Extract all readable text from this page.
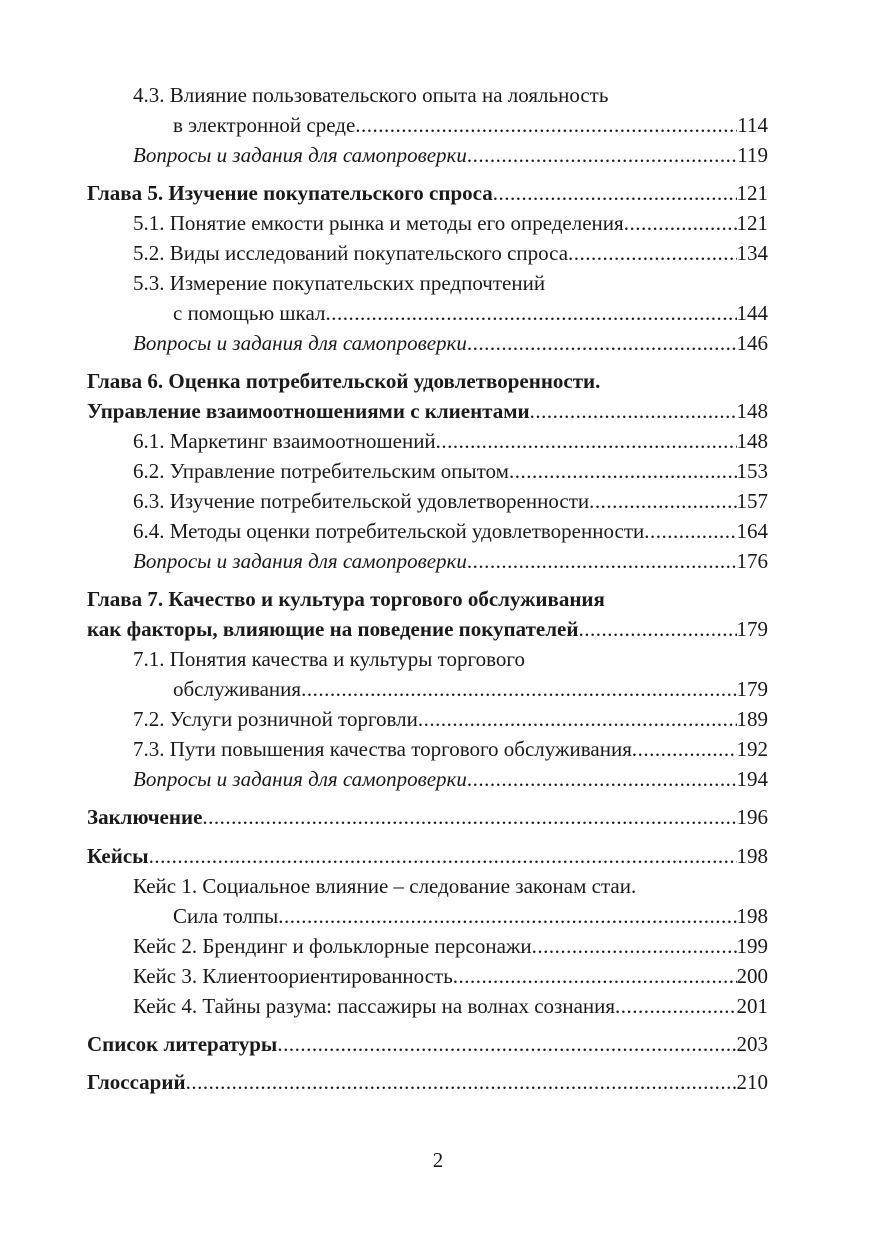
4.3. Влияние пользовательского опыта на лояльность
в электронной среде .....	114
Вопросы и задания для самопроверки .....	119
Глава 5. Изучение покупательского спроса .....	121
5.1. Понятие емкости рынка и методы его определения .....	121
5.2. Виды исследований покупательского спроса .....	134
5.3. Измерение покупательских предпочтений
с помощью шкал .....	144
Вопросы и задания для самопроверки .....	146
Глава 6. Оценка потребительской удовлетворенности.
Управление взаимоотношениями с клиентами .....	148
6.1. Маркетинг взаимоотношений .....	148
6.2. Управление потребительским опытом .....	153
6.3. Изучение потребительской удовлетворенности .....	157
6.4. Методы оценки потребительской удовлетворенности .....	164
Вопросы и задания для самопроверки .....	176
Глава 7. Качество и культура торгового обслуживания
как факторы, влияющие на поведение покупателей .....	179
7.1. Понятия качества и культуры торгового
обслуживания .....	179
7.2. Услуги розничной торговли .....	189
7.3. Пути повышения качества торгового обслуживания .....	192
Вопросы и задания для самопроверки .....	194
Заключение .....	196
Кейсы .....	198
Кейс 1. Социальное влияние – следование законам стаи.
Сила толпы .....	198
Кейс 2. Брендинг и фольклорные персонажи .....	199
Кейс 3. Клиентоориентированность .....	200
Кейс 4. Тайны разума: пассажиры на волнах сознания .....	201
Список литературы .....	203
Глоссарий .....	210
2
